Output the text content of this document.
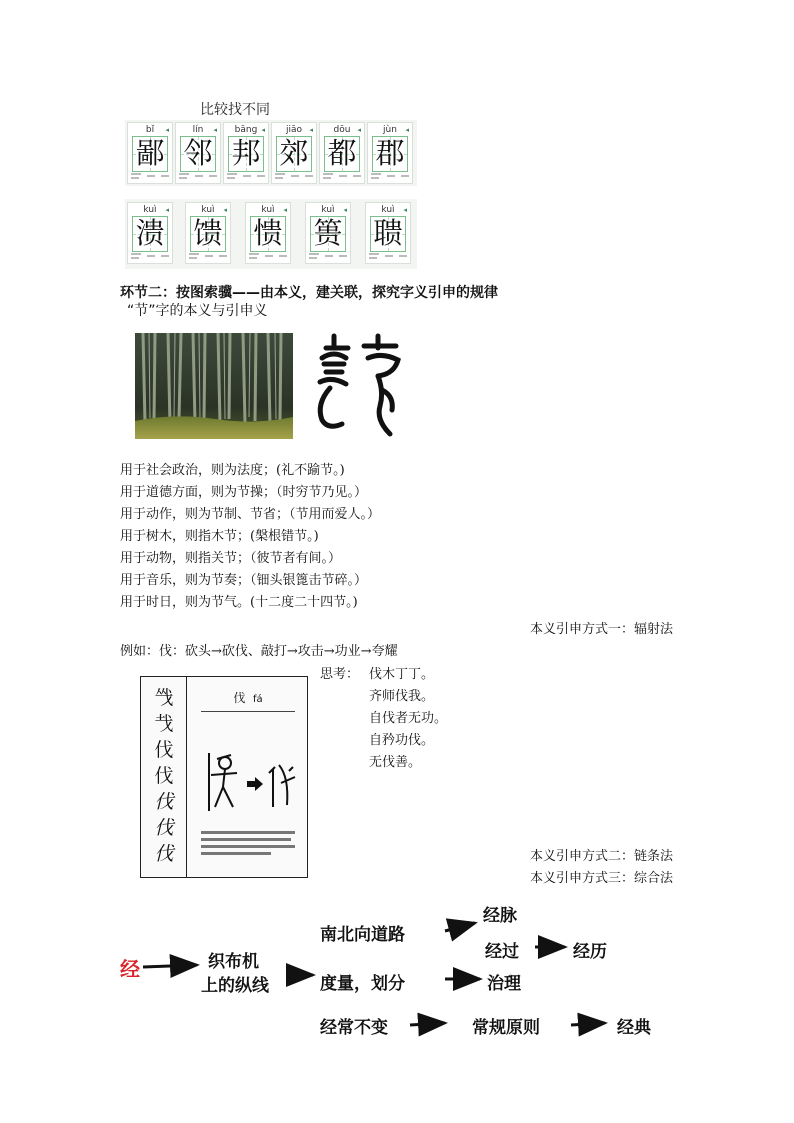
比较找不同
bǐ	◂
鄙
lín	◂
邻
bāng ◂
邦
jiāo	◂
郊
dōu	◂
都
jùn	◂
郡
kuì	◂
溃
kuì	◂
馈
kuì	◂
愦
kuì	◂
篑
kuì	◂
聩
环节二：按图索骥——由本义，建关联，探究字义引申的规律
“节”字的本义与引申义
用于社会政治，则为法度；(礼不踰节。)
用于道德方面，则为节操；（时穷节乃见。）
用于动作，则为节制、节省；（节用而爱人。）
用于树木，则指木节；(槃根错节。)
用于动物，则指关节；（彼节者有间。）
用于音乐，则为节奏；（钿头银篦击节碎。）
用于时日，则为节气。(十二度二十四节。)
本义引申方式一：辐射法
例如：伐：砍头→砍伐、敲打→攻击→功业→夸耀
㦰
𢦏
伐
伐
伐
伐
伐
伐 fá
思考： 伐木丁丁。
齐师伐我。
自伐者无功。
自矜功伐。
无伐善。
本义引申方式二：链条法
本义引申方式三：综合法
经	织布机
上的纵线
南北向道路
经脉
经过	经历
度量，划分	治理
经常不变	常规原则	经典
